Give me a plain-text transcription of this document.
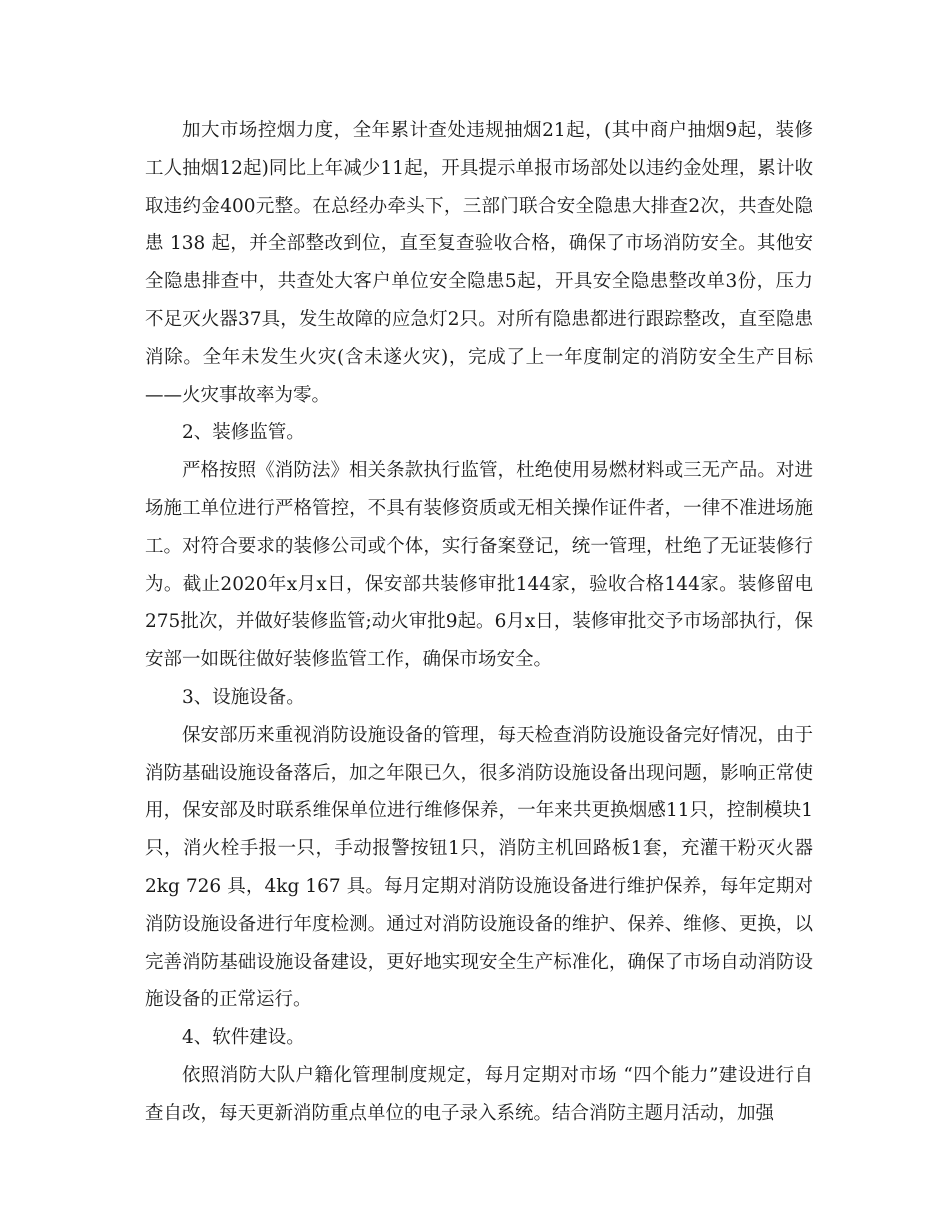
加大市场控烟力度，全年累计查处违规抽烟21起，(其中商户抽烟9起，装修工人抽烟12起)同比上年减少11起，开具提示单报市场部处以违约金处理，累计收取违约金400元整。在总经办牵头下，三部门联合安全隐患大排查2次，共查处隐患 138 起，并全部整改到位，直至复查验收合格，确保了市场消防安全。其他安全隐患排查中，共查处大客户单位安全隐患5起，开具安全隐患整改单3份，压力不足灭火器37具，发生故障的应急灯2只。对所有隐患都进行跟踪整改，直至隐患消除。全年未发生火灾(含未遂火灾)，完成了上一年度制定的消防安全生产目标——火灾事故率为零。

2、装修监管。

严格按照《消防法》相关条款执行监管，杜绝使用易燃材料或三无产品。对进场施工单位进行严格管控，不具有装修资质或无相关操作证件者，一律不准进场施工。对符合要求的装修公司或个体，实行备案登记，统一管理，杜绝了无证装修行为。截止2020年x月x日，保安部共装修审批144家，验收合格144家。装修留电275批次，并做好装修监管;动火审批9起。6月x日，装修审批交予市场部执行，保安部一如既往做好装修监管工作，确保市场安全。

3、设施设备。

保安部历来重视消防设施设备的管理，每天检查消防设施设备完好情况，由于消防基础设施设备落后，加之年限已久，很多消防设施设备出现问题，影响正常使用，保安部及时联系维保单位进行维修保养，一年来共更换烟感11只，控制模块1只，消火栓手报一只，手动报警按钮1只，消防主机回路板1套，充灌干粉灭火器2kg 726 具，4kg 167 具。每月定期对消防设施设备进行维护保养，每年定期对消防设施设备进行年度检测。通过对消防设施设备的维护、保养、维修、更换，以完善消防基础设施设备建设，更好地实现安全生产标准化，确保了市场自动消防设施设备的正常运行。

4、软件建设。

依照消防大队户籍化管理制度规定，每月定期对市场 “四个能力”建设进行自查自改，每天更新消防重点单位的电子录入系统。结合消防主题月活动，加强
